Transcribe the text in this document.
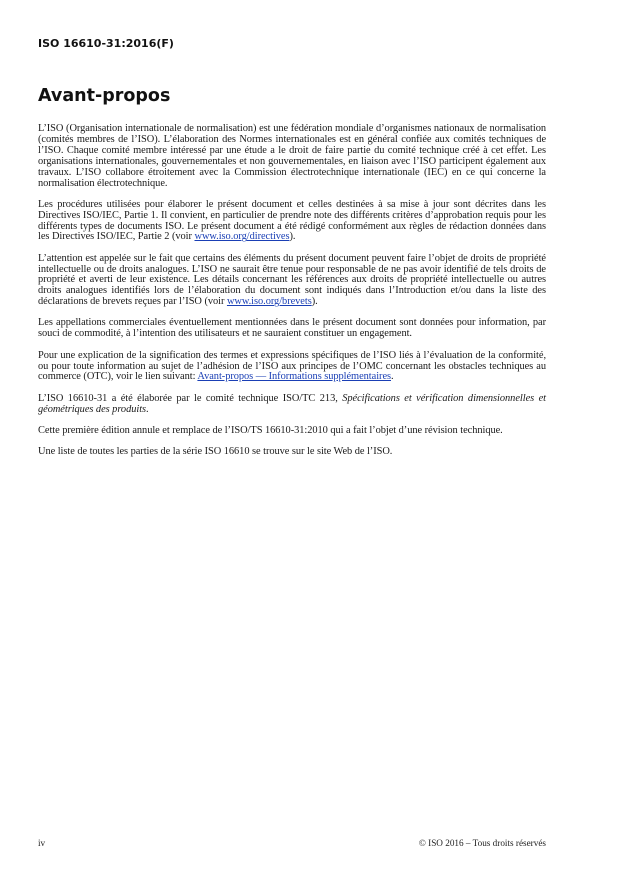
ISO 16610-31:2016(F)
Avant-propos

L’ISO (Organisation internationale de normalisation) est une fédération mondiale d’organismes nationaux de normalisation (comités membres de l’ISO). L’élaboration des Normes internationales est en général confiée aux comités techniques de l’ISO. Chaque comité membre intéressé par une étude a le droit de faire partie du comité technique créé à cet effet. Les organisations internationales, gouvernementales et non gouvernementales, en liaison avec l’ISO participent également aux travaux. L’ISO collabore étroitement avec la Commission électrotechnique internationale (IEC) en ce qui concerne la normalisation électrotechnique.

Les procédures utilisées pour élaborer le présent document et celles destinées à sa mise à jour sont décrites dans les Directives ISO/IEC, Partie 1. Il convient, en particulier de prendre note des différents critères d’approbation requis pour les différents types de documents ISO. Le présent document a été rédigé conformément aux règles de rédaction données dans les Directives ISO/IEC, Partie 2 (voir www.iso.org/directives).

L’attention est appelée sur le fait que certains des éléments du présent document peuvent faire l’objet de droits de propriété intellectuelle ou de droits analogues. L’ISO ne saurait être tenue pour responsable de ne pas avoir identifié de tels droits de propriété et averti de leur existence. Les détails concernant les références aux droits de propriété intellectuelle ou autres droits analogues identifiés lors de l’élaboration du document sont indiqués dans l’Introduction et/ou dans la liste des déclarations de brevets reçues par l’ISO (voir www.iso.org/brevets).

Les appellations commerciales éventuellement mentionnées dans le présent document sont données pour information, par souci de commodité, à l’intention des utilisateurs et ne sauraient constituer un engagement.

Pour une explication de la signification des termes et expressions spécifiques de l’ISO liés à l’évaluation de la conformité, ou pour toute information au sujet de l’adhésion de l’ISO aux principes de l’OMC concernant les obstacles techniques au commerce (OTC), voir le lien suivant: Avant-propos — Informations supplémentaires.

L’ISO 16610-31 a été élaborée par le comité technique ISO/TC 213, Spécifications et vérification dimensionnelles et géométriques des produits.

Cette première édition annule et remplace de l’ISO/TS 16610-31:2010 qui a fait l’objet d’une révision technique.

Une liste de toutes les parties de la série ISO 16610 se trouve sur le site Web de l’ISO.

iv	© ISO 2016 – Tous droits réservés
